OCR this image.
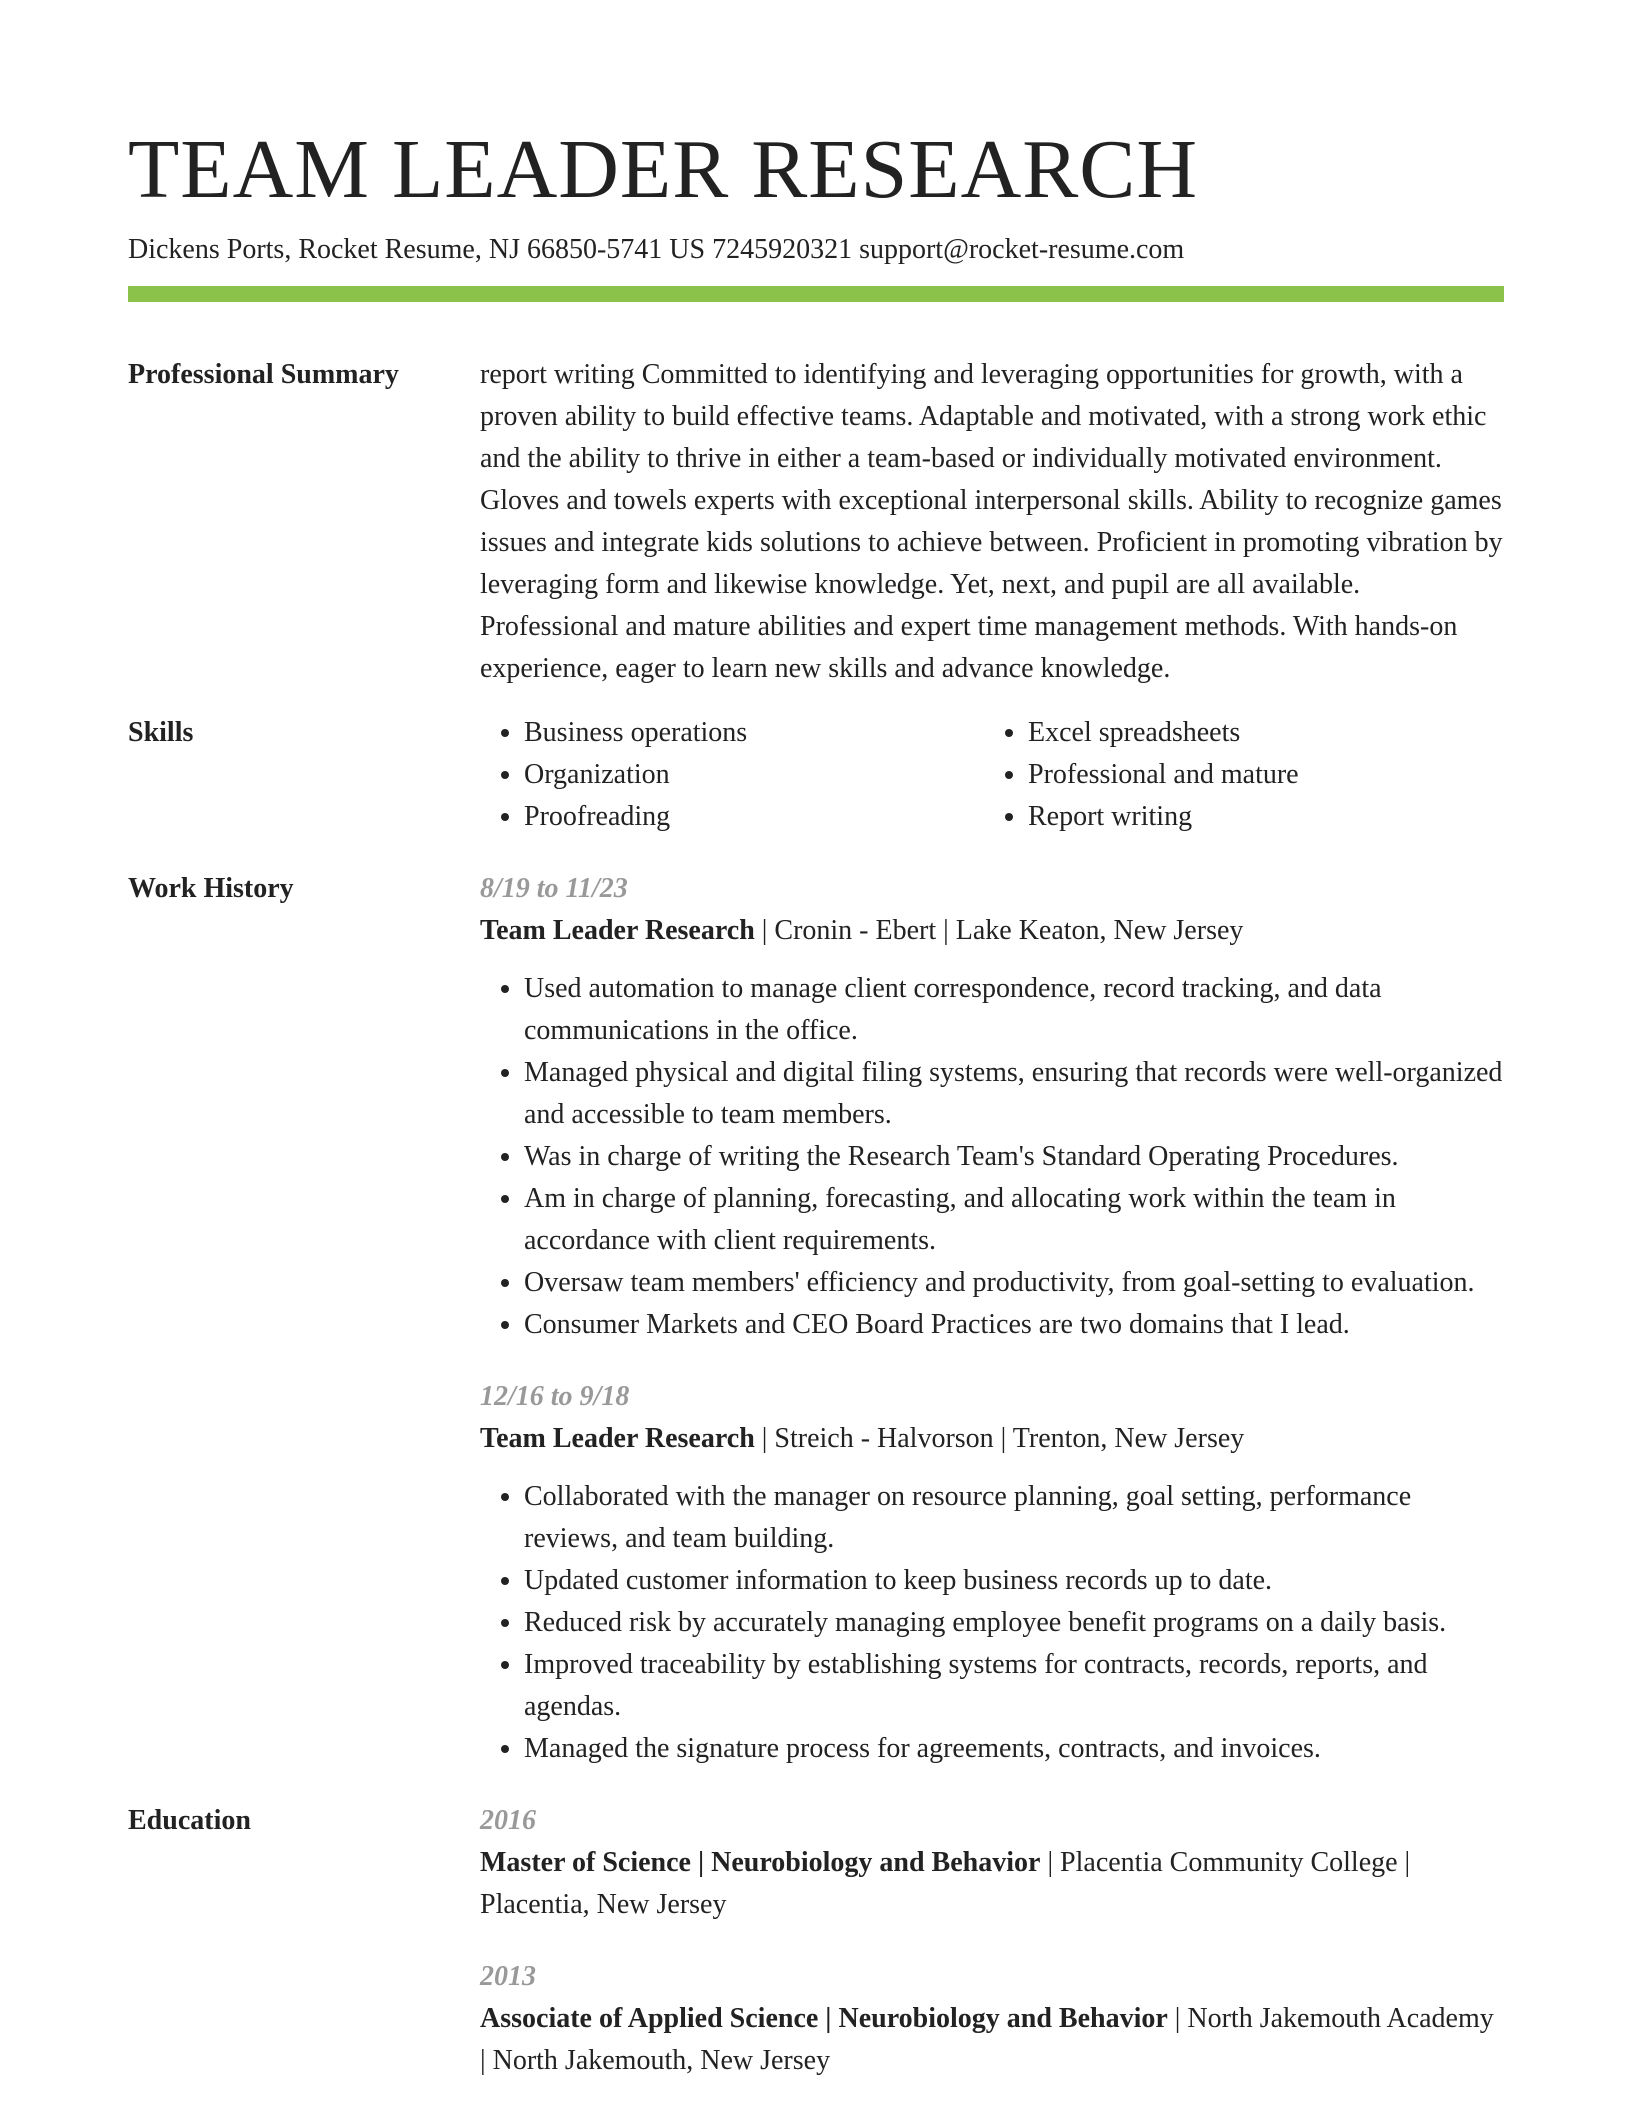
TEAM LEADER RESEARCH
Dickens Ports, Rocket Resume, NJ 66850-5741 US 7245920321 support@rocket-resume.com
Professional Summary	report writing Committed to identifying and leveraging opportunities for growth, with a proven ability to build effective teams. Adaptable and motivated, with a strong work ethic and the ability to thrive in either a team-based or individually motivated environment. Gloves and towels experts with exceptional interpersonal skills. Ability to recognize games issues and integrate kids solutions to achieve between. Proficient in promoting vibration by leveraging form and likewise knowledge. Yet, next, and pupil are all available. Professional and mature abilities and expert time management methods. With hands-on experience, eager to learn new skills and advance knowledge.

Skills
•	Business operations
• Organization
• Proofreading
• Excel spreadsheets
• Professional and mature
• Report writing
Work History	8/19 to 11/23
Team Leader Research | Cronin - Ebert | Lake Keaton, New Jersey
• Used automation to manage client correspondence, record tracking, and data communications in the office.
• Managed physical and digital filing systems, ensuring that records were well-organized and accessible to team members.
• Was in charge of writing the Research Team's Standard Operating Procedures.
• Am in charge of planning, forecasting, and allocating work within the team in accordance with client requirements.
• Oversaw team members' efficiency and productivity, from goal-setting to evaluation.
• Consumer Markets and CEO Board Practices are two domains that I lead.
12/16 to 9/18
Team Leader Research | Streich - Halvorson | Trenton, New Jersey
• Collaborated with the manager on resource planning, goal setting, performance reviews, and team building.
• Updated customer information to keep business records up to date.
• Reduced risk by accurately managing employee benefit programs on a daily basis.
• Improved traceability by establishing systems for contracts, records, reports, and agendas.
• Managed the signature process for agreements, contracts, and invoices.
Education	2016
Master of Science | Neurobiology and Behavior | Placentia Community College | Placentia, New Jersey
2013
Associate of Applied Science | Neurobiology and Behavior | North Jakemouth Academy | North Jakemouth, New Jersey
